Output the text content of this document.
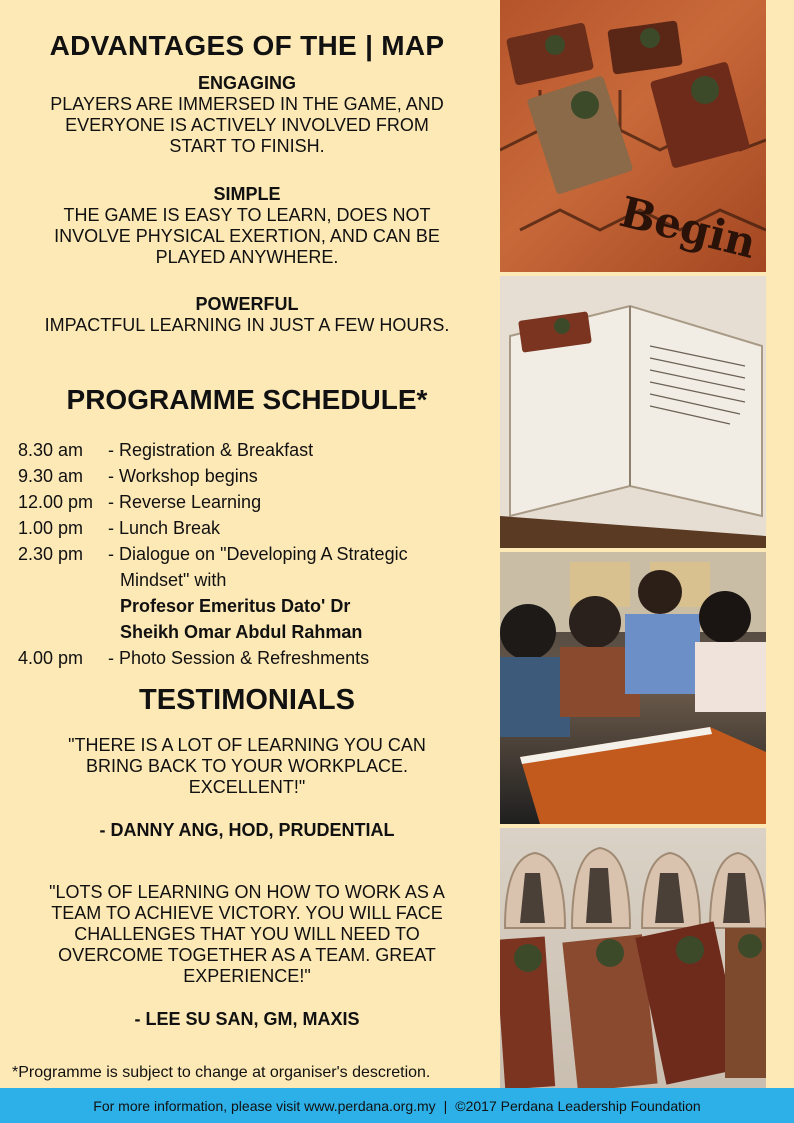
ADVANTAGES OF THE | MAP
ENGAGING
PLAYERS ARE IMMERSED IN THE GAME, AND
EVERYONE IS ACTIVELY INVOLVED FROM
START TO FINISH.
SIMPLE
THE GAME IS EASY TO LEARN, DOES NOT
INVOLVE PHYSICAL EXERTION, AND CAN BE
PLAYED ANYWHERE.
POWERFUL
IMPACTFUL LEARNING IN JUST A FEW HOURS.
PROGRAMME SCHEDULE*
8.30 am	- Registration & Breakfast
9.30 am	- Workshop begins
12.00 pm - Reverse Learning
1.00 pm	- Lunch Break
2.30 pm	- Dialogue on "Developing A Strategic
Mindset" with
Profesor Emeritus Dato' Dr
Sheikh Omar Abdul Rahman
4.00 pm	- Photo Session & Refreshments
TESTIMONIALS
"THERE IS A LOT OF LEARNING YOU CAN
BRING BACK TO YOUR WORKPLACE.
EXCELLENT!"
- DANNY ANG, HOD, PRUDENTIAL
"LOTS OF LEARNING ON HOW TO WORK AS A
TEAM TO ACHIEVE VICTORY. YOU WILL FACE
CHALLENGES THAT YOU WILL NEED TO
OVERCOME TOGETHER AS A TEAM. GREAT
EXPERIENCE!"
- LEE SU SAN, GM, MAXIS
*Programme is subject to change at organiser's descretion.
Begin
For more information, please visit www.perdana.org.my | ©2017 Perdana Leadership Foundation
